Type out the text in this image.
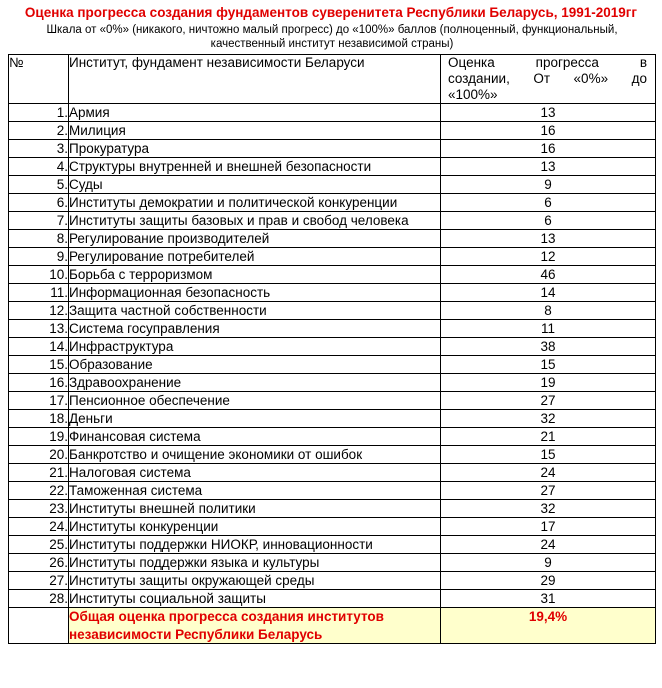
Оценка прогресса создания фундаментов суверенитета Республики Беларусь, 1991-2019гг
Шкала от «0%» (никакого, ничтожно малый прогресс) до «100%» баллов (полноценный, функциональный, качественный институт независимой страны)
№	Институт, фундамент независимости Беларуси	Оценка прогресса в
создании, От «0%» до
«100%»

1.	Армия	13
2.	Милиция	16
3.	Прокуратура	16
4.	Структуры внутренней и внешней безопасности	13
5.	Суды	9
6.	Институты демократии и политической конкуренции	6
7.	Институты защиты базовых и прав и свобод человека	6
8.	Регулирование производителей	13
9.	Регулирование потребителей	12
10.	Борьба с терроризмом	46
11.	Информационная безопасность	14
12.	Защита частной собственности	8
13.	Система госуправления	11
14.	Инфраструктура	38
15.	Образование	15
16.	Здравоохранение	19
17.	Пенсионное обеспечение	27
18.	Деньги	32
19.	Финансовая система	21
20.	Банкротство и очищение экономики от ошибок	15
21.	Налоговая система	24
22.	Таможенная система	27
23.	Институты внешней политики	32
24.	Институты конкуренции	17
25.	Институты поддержки НИОКР, инновационности	24
26.	Институты поддержки языка и культуры	9
27.	Институты защиты окружающей среды	29
28.	Институты социальной защиты	31
	Общая оценка прогресса создания институтов независимости Республики Беларусь	19,4%
